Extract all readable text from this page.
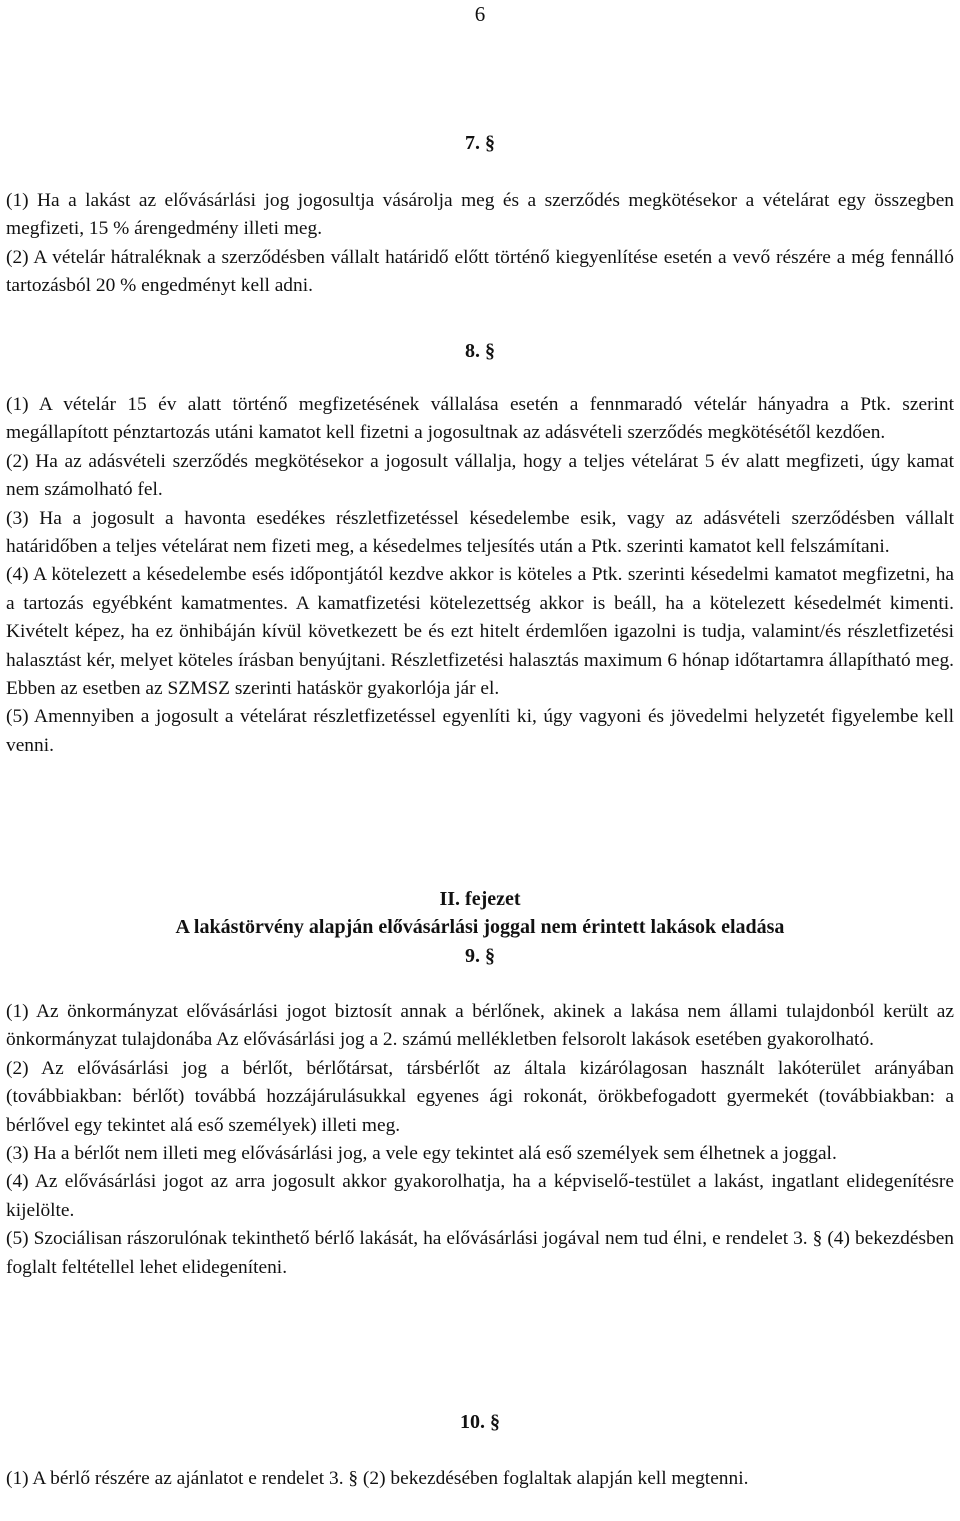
6
7. §

(1) Ha a lakást az elővásárlási jog jogosultja vásárolja meg és a szerződés megkötésekor a vételárat egy összegben megfizeti, 15 % árengedmény illeti meg.

(2) A vételár hátraléknak a szerződésben vállalt határidő előtt történő kiegyenlítése esetén a vevő részére a még fennálló tartozásból 20 % engedményt kell adni.

8. §

(1) A vételár 15 év alatt történő megfizetésének vállalása esetén a fennmaradó vételár hányadra a Ptk. szerint megállapított pénztartozás utáni kamatot kell fizetni a jogosultnak az adásvételi szerződés megkötésétől kezdően.

(2) Ha az adásvételi szerződés megkötésekor a jogosult vállalja, hogy a teljes vételárat 5 év alatt megfizeti, úgy kamat nem számolható fel.

(3) Ha a jogosult a havonta esedékes részletfizetéssel késedelembe esik, vagy az adásvételi szerződésben vállalt határidőben a teljes vételárat nem fizeti meg, a késedelmes teljesítés után a Ptk. szerinti kamatot kell felszámítani.

(4) A kötelezett a késedelembe esés időpontjától kezdve akkor is köteles a Ptk. szerinti késedelmi kamatot megfizetni, ha a tartozás egyébként kamatmentes. A kamatfizetési kötelezettség akkor is beáll, ha a kötelezett késedelmét kimenti. Kivételt képez, ha ez önhibáján kívül következett be és ezt hitelt érdemlően igazolni is tudja, valamint/és részletfizetési halasztást kér, melyet köteles írásban benyújtani. Részletfizetési halasztás maximum 6 hónap időtartamra állapítható meg. Ebben az esetben az SZMSZ szerinti hatáskör gyakorlója jár el.

(5) Amennyiben a jogosult a vételárat részletfizetéssel egyenlíti ki, úgy vagyoni és jövedelmi helyzetét figyelembe kell venni.

II. fejezet
A lakástörvény alapján elővásárlási joggal nem érintett lakások eladása
9. §

(1) Az önkormányzat elővásárlási jogot biztosít annak a bérlőnek, akinek a lakása nem állami tulajdonból került az önkormányzat tulajdonába Az elővásárlási jog a 2. számú mellékletben felsorolt lakások esetében gyakorolható.

(2) Az elővásárlási jog a bérlőt, bérlőtársat, társbérlőt az általa kizárólagosan használt lakóterület arányában (továbbiakban: bérlőt) továbbá hozzájárulásukkal egyenes ági rokonát, örökbefogadott gyermekét (továbbiakban: a bérlővel egy tekintet alá eső személyek) illeti meg.

(3) Ha a bérlőt nem illeti meg elővásárlási jog, a vele egy tekintet alá eső személyek sem élhetnek a joggal.

(4) Az elővásárlási jogot az arra jogosult akkor gyakorolhatja, ha a képviselő-testület a lakást, ingatlant elidegenítésre kijelölte.

(5) Szociálisan rászorulónak tekinthető bérlő lakását, ha elővásárlási jogával nem tud élni, e rendelet 3. § (4) bekezdésben foglalt feltétellel lehet elidegeníteni.

10. §

(1) A bérlő részére az ajánlatot e rendelet 3. § (2) bekezdésében foglaltak alapján kell megtenni.
